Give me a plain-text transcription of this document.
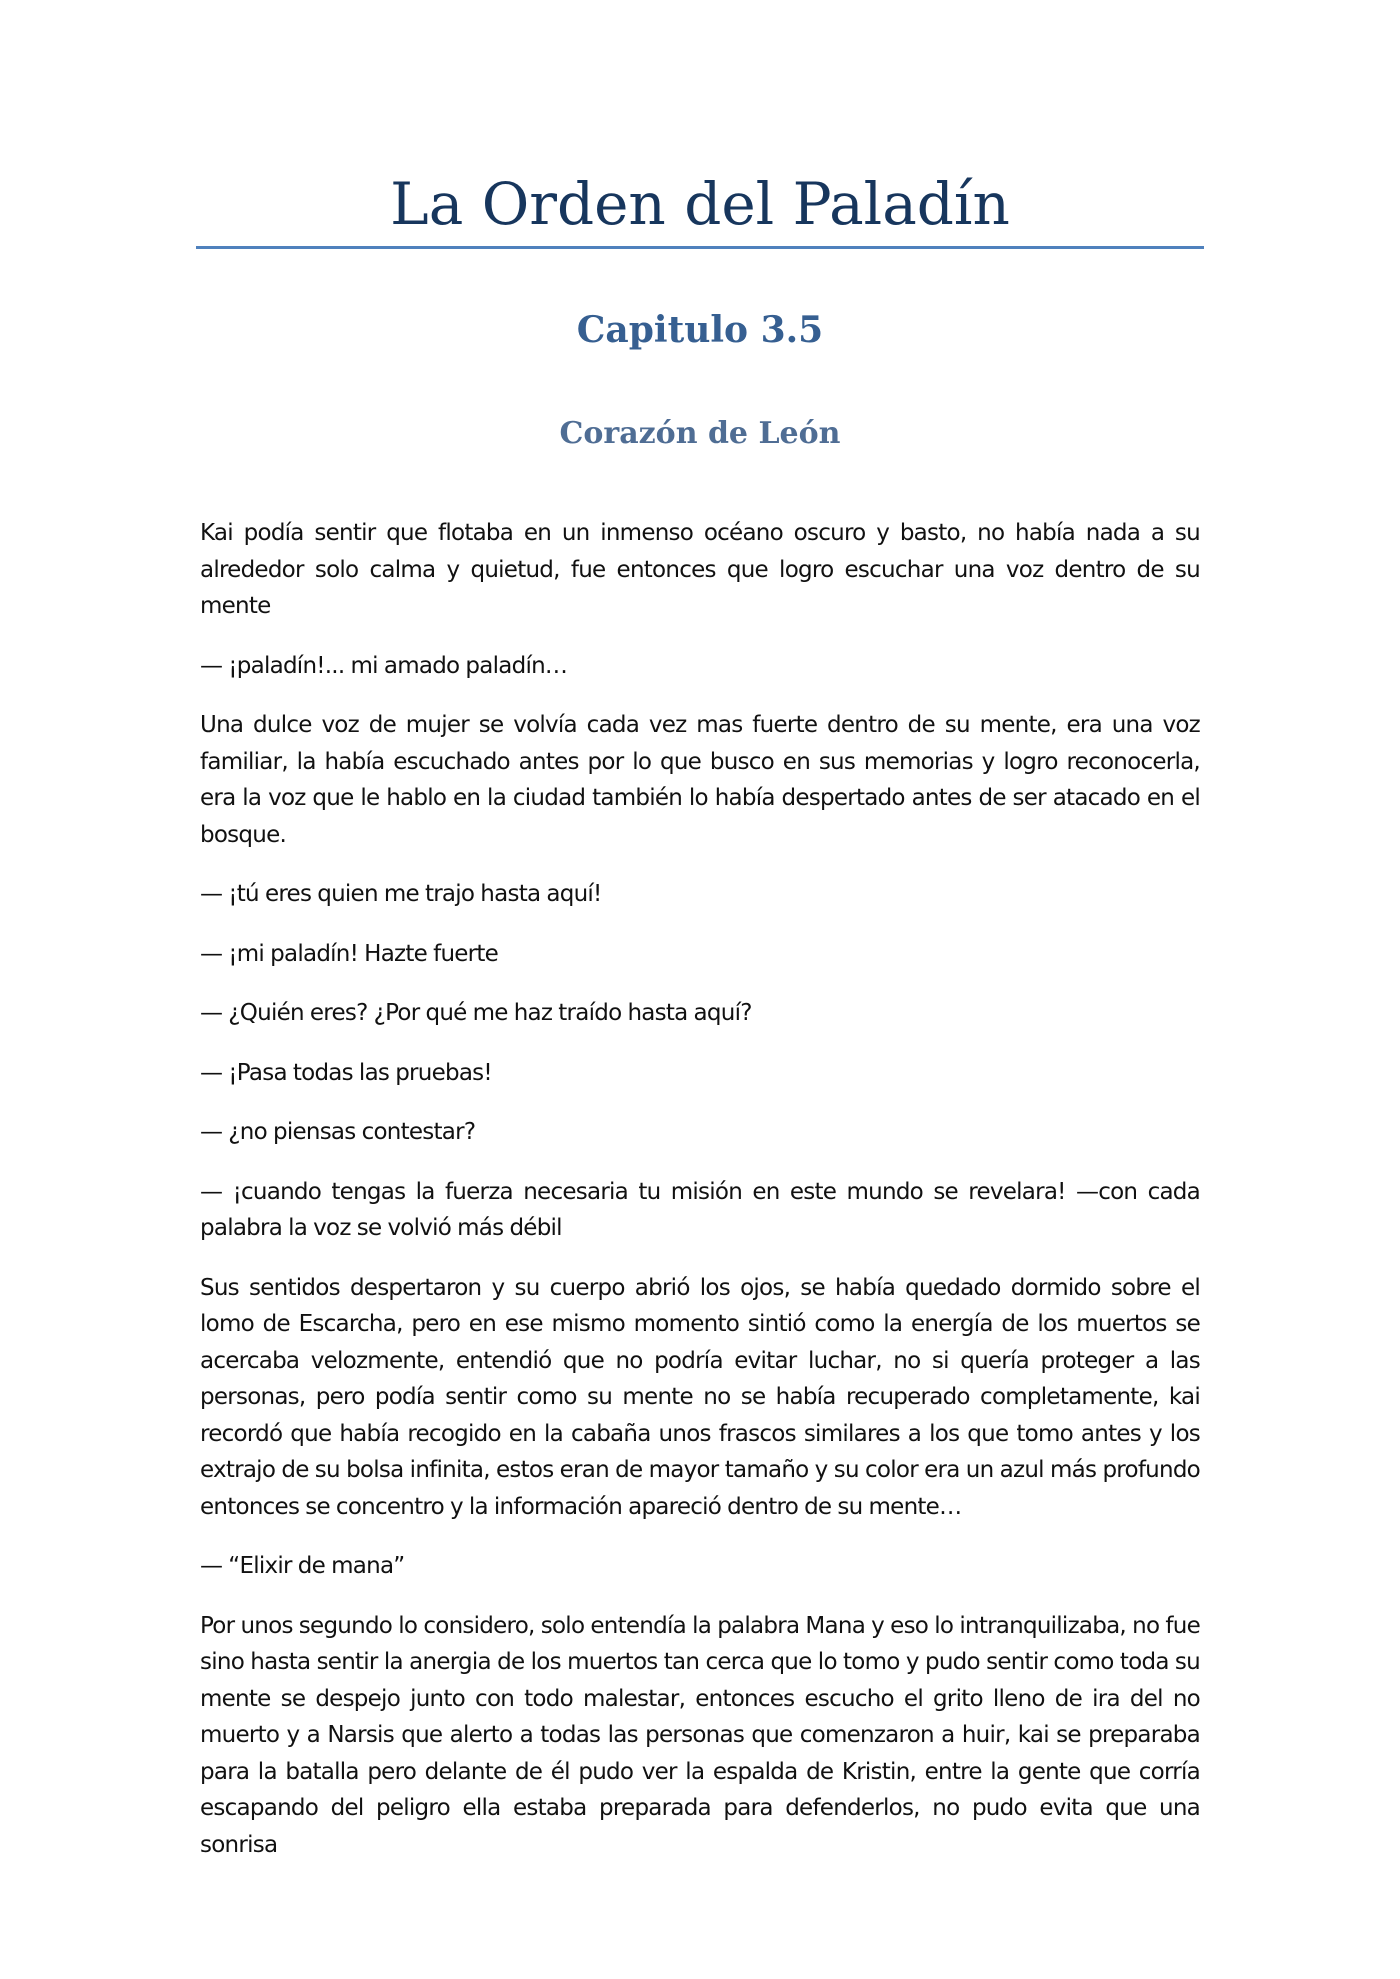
La Orden del Paladín
Capitulo 3.5
Corazón de León

Kai podía sentir que flotaba en un inmenso océano oscuro y basto, no había nada a su alrededor solo calma y quietud, fue entonces que logro escuchar una voz dentro de su mente

— ¡paladín!... mi amado paladín…

Una dulce voz de mujer se volvía cada vez mas fuerte dentro de su mente, era una voz familiar, la había escuchado antes por lo que busco en sus memorias y logro reconocerla, era la voz que le hablo en la ciudad también lo había despertado antes de ser atacado en el bosque.

— ¡tú eres quien me trajo hasta aquí!

— ¡mi paladín! Hazte fuerte

— ¿Quién eres? ¿Por qué me haz traído hasta aquí?

— ¡Pasa todas las pruebas!

— ¿no piensas contestar?

— ¡cuando tengas la fuerza necesaria tu misión en este mundo se revelara! —con cada palabra la voz se volvió más débil

Sus sentidos despertaron y su cuerpo abrió los ojos, se había quedado dormido sobre el lomo de Escarcha, pero en ese mismo momento sintió como la energía de los muertos se acercaba velozmente, entendió que no podría evitar luchar, no si quería proteger a las personas, pero podía sentir como su mente no se había recuperado completamente, kai recordó que había recogido en la cabaña unos frascos similares a los que tomo antes y los extrajo de su bolsa infinita, estos eran de mayor tamaño y su color era un azul más profundo entonces se concentro y la información apareció dentro de su mente…

— “Elixir de mana”

Por unos segundo lo considero, solo entendía la palabra Mana y eso lo intranquilizaba, no fue sino hasta sentir la anergia de los muertos tan cerca que lo tomo y pudo sentir como toda su mente se despejo junto con todo malestar, entonces escucho el grito lleno de ira del no muerto y a Narsis que alerto a todas las personas que comenzaron a huir, kai se preparaba para la batalla pero delante de él pudo ver la espalda de Kristin, entre la gente que corría escapando del peligro ella estaba preparada para defenderlos, no pudo evita que una sonrisa
